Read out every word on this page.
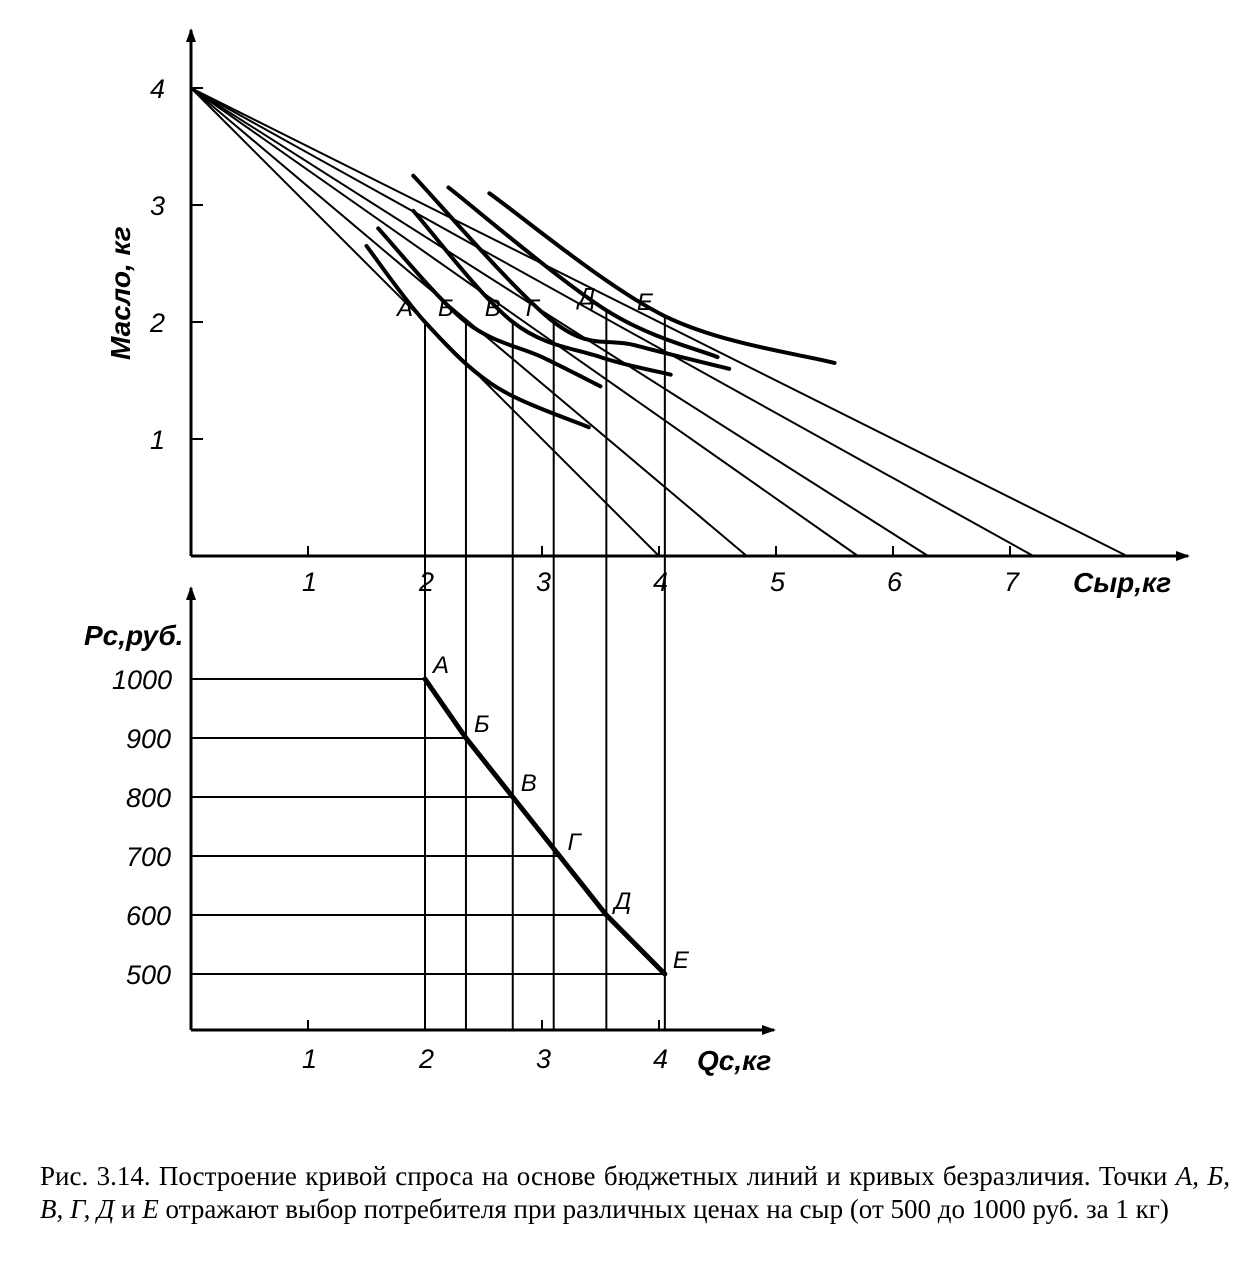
1	2	3	4	5	6	7
1
2
3
4
Сыр,кг
Масло, кг	А Б В Г Д Е
1	2	3	4 Qc,кг
Pс,руб.
1000
900
800
700
600
500
А
Б
В
Г
Д
Е
Рис. 3.14. Построение кривой спроса на основе бюджетных линий и кривых безразличия. Точки А, Б, В, Г, Д и Е отражают выбор потребителя при различных ценах на сыр (от 500 до 1000 руб. за 1 кг)
